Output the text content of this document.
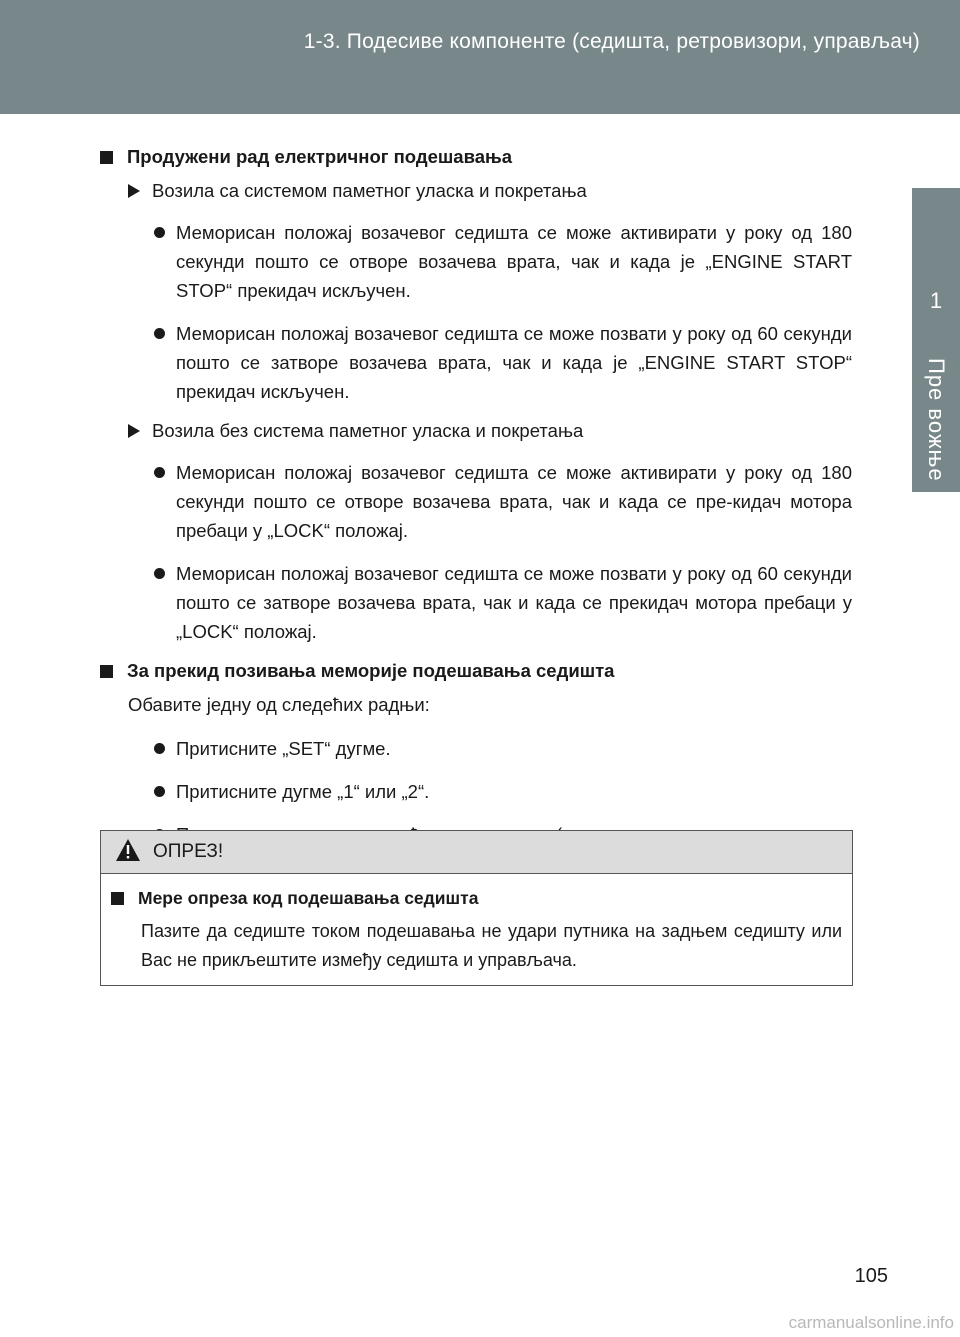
1-3. Подесиве компоненте (седишта, ретровизори, управљач)
1
Пре вожње
Продужени рад електричног подешавања
Возила са системом паметног уласка и покретања
Меморисан положај возачевог седишта се може активирати у року од 180 секунди пошто се отворе возачева врата, чак и када је „ENGINE START STOP“ прекидач искључен.
Меморисан положај возачевог седишта се може позвати у року од 60 секунди пошто се затворе возачева врата, чак и када је „ENGINE START STOP“ прекидач искључен.
Возила без система паметног уласка и покретања
Меморисан положај возачевог седишта се може активирати у року од 180 секунди пошто се отворе возачева врата, чак и када се пре-кидач мотора пребаци у „LOCK“ положај.
Меморисан положај возачевог седишта се може позвати у року од 60 секунди пошто се затворе возачева врата, чак и када се прекидач мотора пребаци у „LOCK“ положај.
За прекид позивања меморије подешавања седишта
Обавите једну од следећих радњи:
Притисните „SET“ дугме.
Притисните дугме „1“ или „2“.
ОПРЕЗ!
Мере опреза код подешавања седишта
Пазите да седиште током подешавања не удари путника на задњем седишту или Вас не прикљештите између седишта и управљача.
105
carmanualsonline.info
